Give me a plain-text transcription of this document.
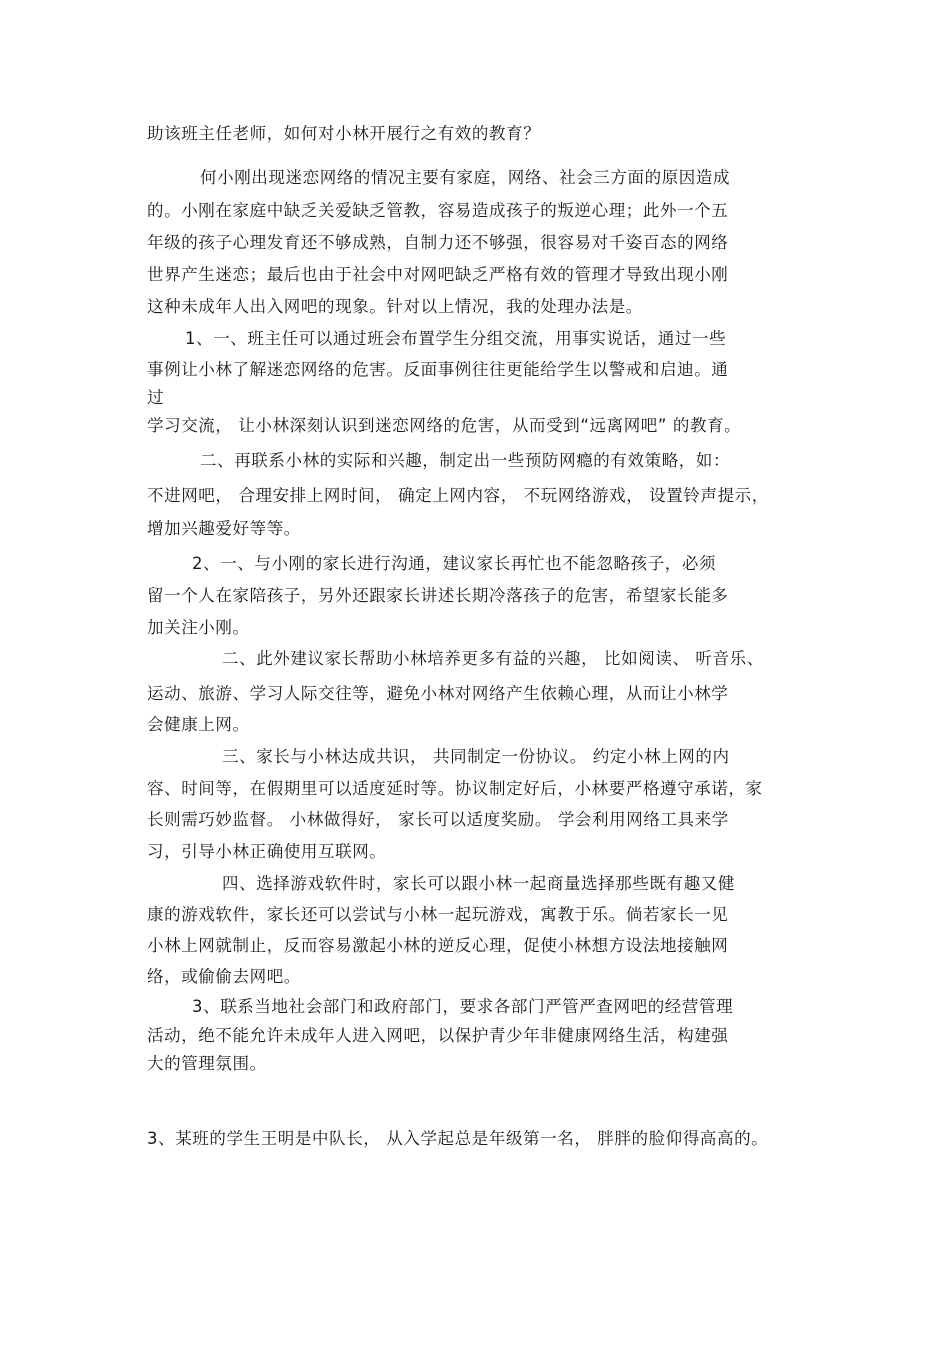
助该班主任老师，如何对小林开展行之有效的教育？
何小刚出现迷恋网络的情况主要有家庭，网络、社会三方面的原因造成
的。小刚在家庭中缺乏关爱缺乏管教，容易造成孩子的叛逆心理；此外一个五
年级的孩子心理发育还不够成熟，自制力还不够强，很容易对千姿百态的网络
世界产生迷恋；最后也由于社会中对网吧缺乏严格有效的管理才导致出现小刚
这种未成年人出入网吧的现象。针对以上情况，我的处理办法是。
1、一、班主任可以通过班会布置学生分组交流，用事实说话，通过一些
事例让小林了解迷恋网络的危害。反面事例往往更能给学生以警戒和启迪。通
过
学习交流， 让小林深刻认识到迷恋网络的危害，从而受到“远离网吧” 的教育。
二、再联系小林的实际和兴趣，制定出一些预防网瘾的有效策略，如：
不进网吧， 合理安排上网时间， 确定上网内容， 不玩网络游戏， 设置铃声提示，
增加兴趣爱好等等。
2、一、与小刚的家长进行沟通，建议家长再忙也不能忽略孩子，必须
留一个人在家陪孩子，另外还跟家长讲述长期冷落孩子的危害，希望家长能多
加关注小刚。
二、此外建议家长帮助小林培养更多有益的兴趣， 比如阅读、 听音乐、
运动、旅游、学习人际交往等，避免小林对网络产生依赖心理，从而让小林学
会健康上网。
三、家长与小林达成共识， 共同制定一份协议。 约定小林上网的内
容、时间等，在假期里可以适度延时等。协议制定好后，小林要严格遵守承诺，家
长则需巧妙监督。 小林做得好， 家长可以适度奖励。 学会利用网络工具来学
习，引导小林正确使用互联网。
四、选择游戏软件时，家长可以跟小林一起商量选择那些既有趣又健
康的游戏软件，家长还可以尝试与小林一起玩游戏，寓教于乐。倘若家长一见
小林上网就制止，反而容易激起小林的逆反心理，促使小林想方设法地接触网
络，或偷偷去网吧。
3、联系当地社会部门和政府部门，要求各部门严管严查网吧的经营管理
活动，绝不能允许未成年人进入网吧，以保护青少年非健康网络生活，构建强
大的管理氛围。
3、某班的学生王明是中队长， 从入学起总是年级第一名， 胖胖的脸仰得高高的。
